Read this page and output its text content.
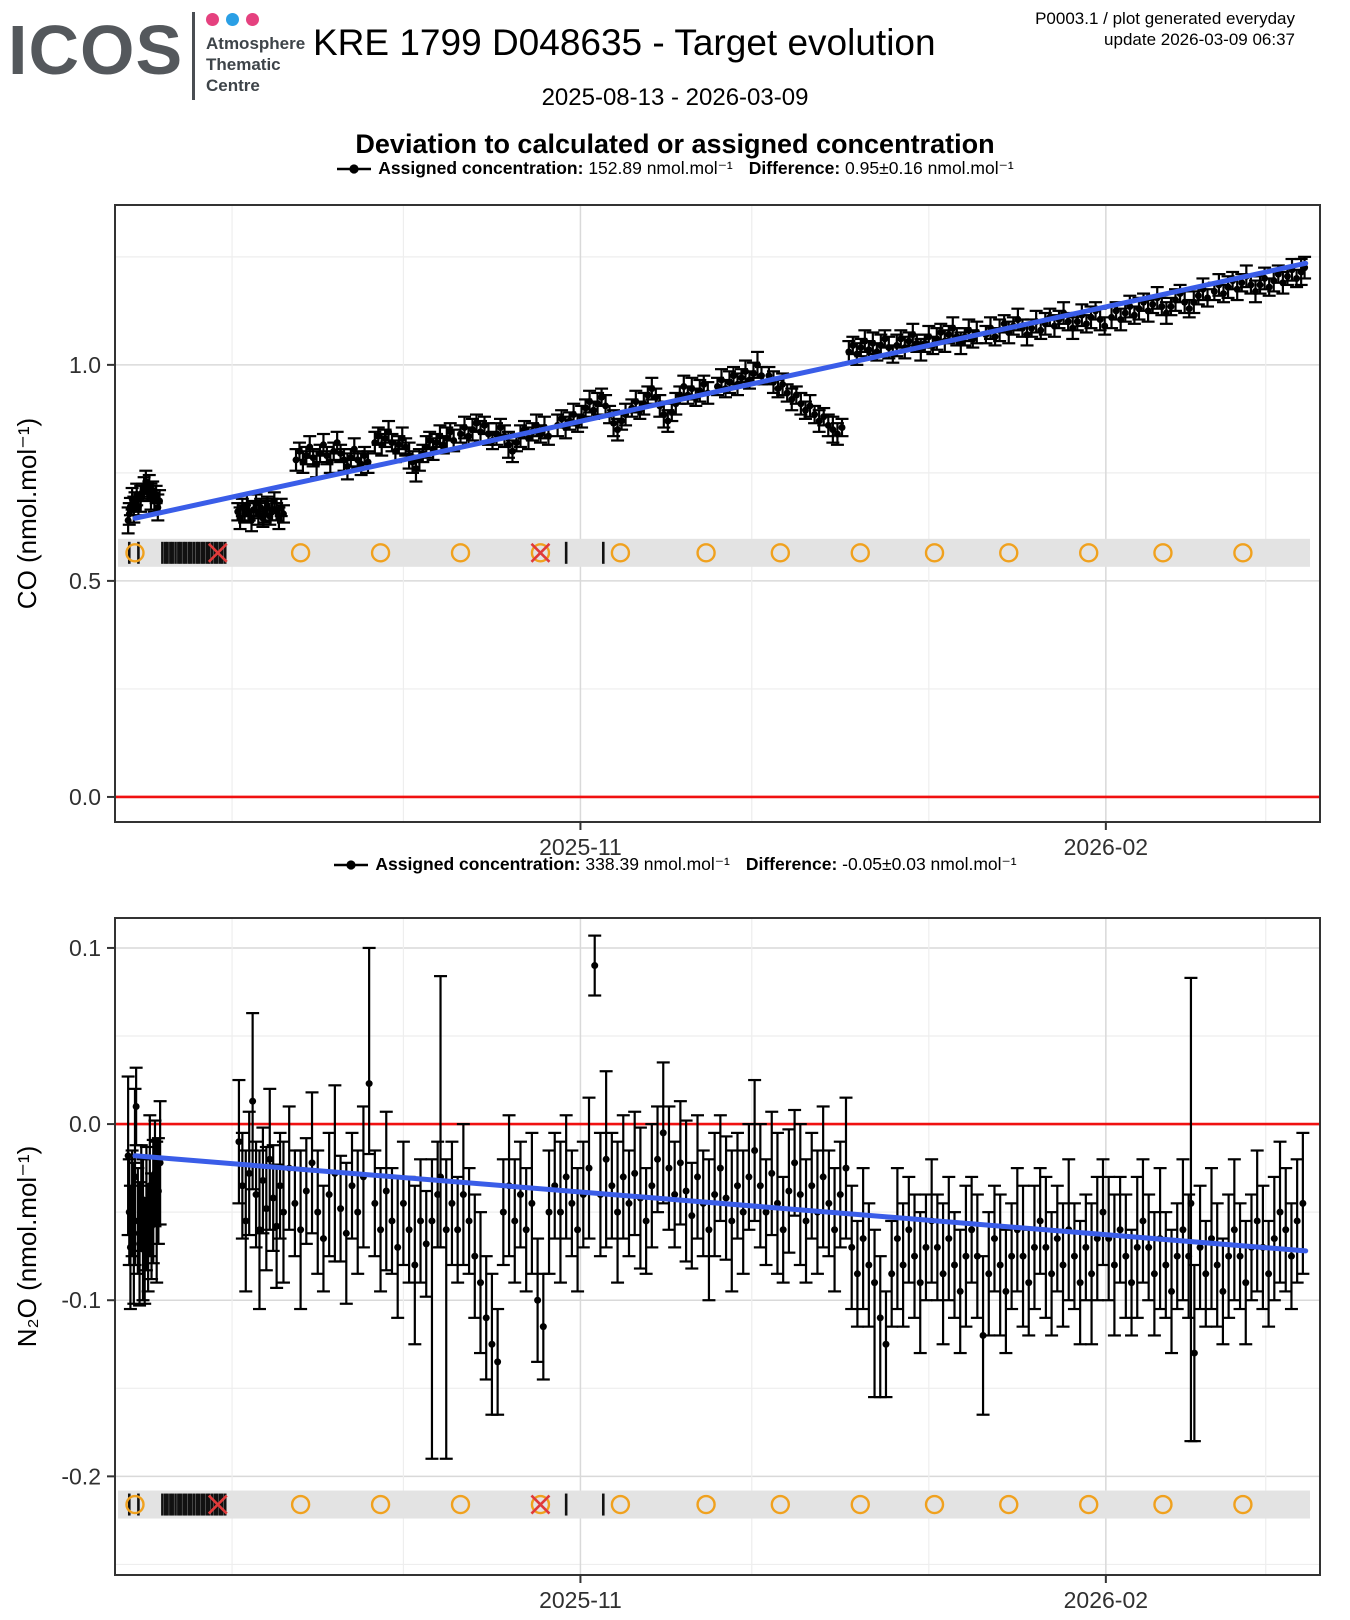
ICOS Atmosphere
Thematic
Centre
KRE 1799 D048635 - Target evolution
P0003.1 / plot generated everyday
update 2026-03-09 06:37
2025-08-13 - 2026-03-09
Deviation to calculated or assigned concentration
Assigned concentration: 152.89 nmol.mol⁻¹ Difference: 0.95±0.16 nmol.mol⁻¹
0.0
0.5
1.0
2025-11	2026-02
CO (nmol.mol⁻¹)
Assigned concentration: 338.39 nmol.mol⁻¹ Difference: -0.05±0.03 nmol.mol⁻¹
0.1
0.0
-0.1
-0.2
2025-11	2026-02
N₂O (nmol.mol⁻¹)
